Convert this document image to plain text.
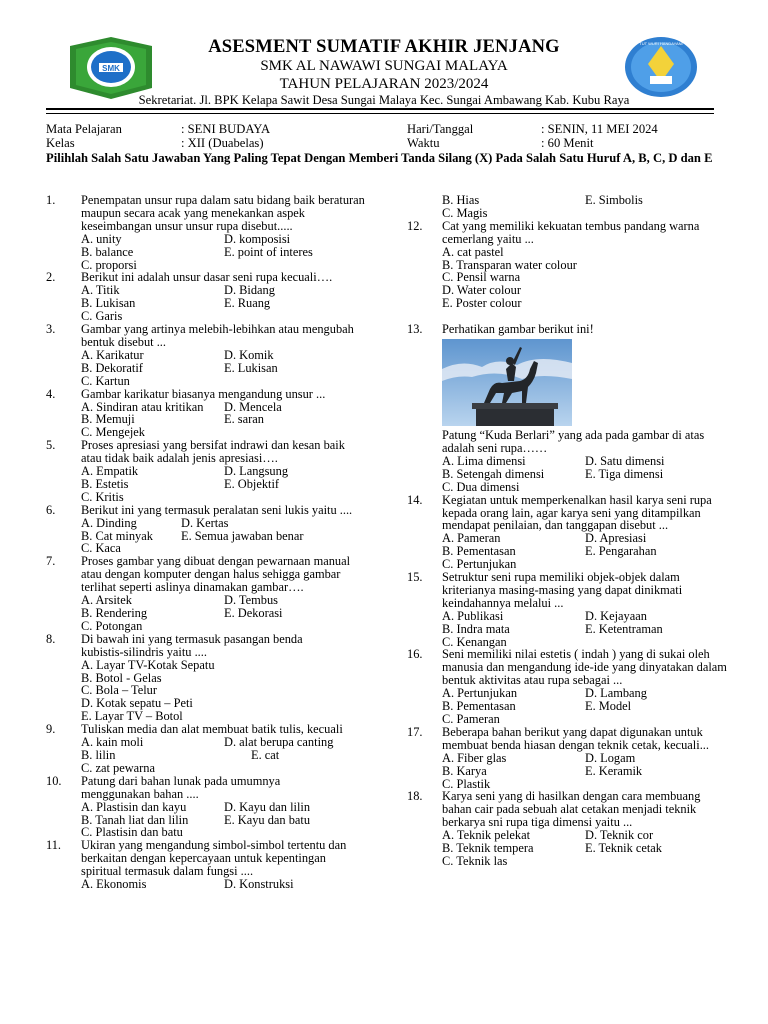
SMK
TUT WURI HANDAYANI
ASESMENT SUMATIF AKHIR JENJANG
SMK AL NAWAWI SUNGAI MALAYA
TAHUN PELAJARAN 2023/2024
Sekretariat. Jl. BPK Kelapa Sawit Desa Sungai Malaya Kec. Sungai Ambawang Kab. Kubu Raya
Mata Pelajaran	: SENI BUDAYA
Kelas	: XII (Duabelas)
Hari/Tanggal	: SENIN, 11 MEI 2024
Waktu	: 60 Menit
Pilihlah Salah Satu Jawaban Yang Paling Tepat Dengan Memberi Tanda Silang (X) Pada Salah Satu Huruf A, B, C, D dan E
1. Penempatan unsur rupa dalam satu bidang baik beraturan maupun secara acak yang menekankan aspek keseimbangan unsur unsur rupa disebut.....
A. unity	D. komposisi
B. balance	E. point of interes
C. proporsi
2. Berikut ini adalah unsur dasar seni rupa kecuali….
A. Titik	D. Bidang
B. Lukisan	E. Ruang
C. Garis
3. Gambar yang artinya melebih-lebihkan atau mengubah bentuk disebut ...
A. Karikatur	D. Komik
B. Dekoratif	E. Lukisan
C. Kartun
4. Gambar karikatur biasanya mengandung unsur ...
A. Sindiran atau kritikan	D. Mencela
B. Memuji	E. saran
C. Mengejek
5. Proses apresiasi yang bersifat indrawi dan kesan baik atau tidak baik adalah jenis apresiasi….
A. Empatik	D. Langsung
B. Estetis	E. Objektif
C. Kritis
6. Berikut ini yang termasuk peralatan seni lukis yaitu ....
A. Dinding	D. Kertas
B. Cat minyak	E. Semua jawaban benar
C. Kaca
7. Proses gambar yang dibuat dengan pewarnaan manual atau dengan komputer dengan halus sehigga gambar terlihat seperti aslinya dinamakan gambar….
A. Arsitek	D. Tembus
B. Rendering	E. Dekorasi
C. Potongan
8. Di bawah ini yang termasuk pasangan benda kubistis-silindris yaitu ....
A. Layar TV-Kotak Sepatu
B. Botol - Gelas
C. Bola – Telur
D. Kotak sepatu – Peti
E. Layar TV – Botol
9. Tuliskan media dan alat membuat batik tulis, kecuali
A. kain moli	D. alat berupa canting
B. lilin	E. cat
C. zat pewarna
10. Patung dari bahan lunak pada umumnya menggunakan bahan ....
A. Plastisin dan kayu	D. Kayu dan lilin
B. Tanah liat dan lilin	E. Kayu dan batu
C. Plastisin dan batu
11. Ukiran yang mengandung simbol-simbol tertentu dan berkaitan dengan kepercayaan untuk kepentingan spiritual termasuk dalam fungsi ....
A. Ekonomis	D. Konstruksi
B. Hias	E. Simbolis
C. Magis
12. Cat yang memiliki kekuatan tembus pandang warna cemerlang yaitu ...
A. cat pastel
B. Transparan water colour
C. Pensil warna
D. Water colour
E. Poster colour
13. Perhatikan gambar berikut ini!
Patung “Kuda Berlari” yang ada pada gambar di atas adalah seni rupa……
A. Lima dimensi	D. Satu dimensi
B. Setengah dimensi	E. Tiga dimensi
C. Dua dimensi
14. Kegiatan untuk memperkenalkan hasil karya seni rupa kepada orang lain, agar karya seni yang ditampilkan mendapat penilaian, dan tanggapan disebut ...
A. Pameran	D. Apresiasi
B. Pementasan	E. Pengarahan
C. Pertunjukan
15. Setruktur seni rupa memiliki objek-objek dalam kriterianya masing-masing yang dapat dinikmati keindahannya melalui ...
A. Publikasi	D. Kejayaan
B. Indra mata	E. Ketentraman
C. Kenangan
16. Seni memiliki nilai estetis ( indah ) yang di sukai oleh manusia dan mengandung ide-ide yang dinyatakan dalam bentuk aktivitas atau rupa sebagai ...
A. Pertunjukan	D. Lambang
B. Pementasan	E. Model
C. Pameran
17. Beberapa bahan berikut yang dapat digunakan untuk membuat benda hiasan dengan teknik cetak, kecuali...
A. Fiber glas	D. Logam
B. Karya	E. Keramik
C. Plastik
18. Karya seni yang di hasilkan dengan cara membuang bahan cair pada sebuah alat cetakan menjadi teknik berkarya sni rupa tiga dimensi yaitu ...
A. Teknik pelekat	D. Teknik cor
B. Teknik tempera	E. Teknik cetak
C. Teknik las
